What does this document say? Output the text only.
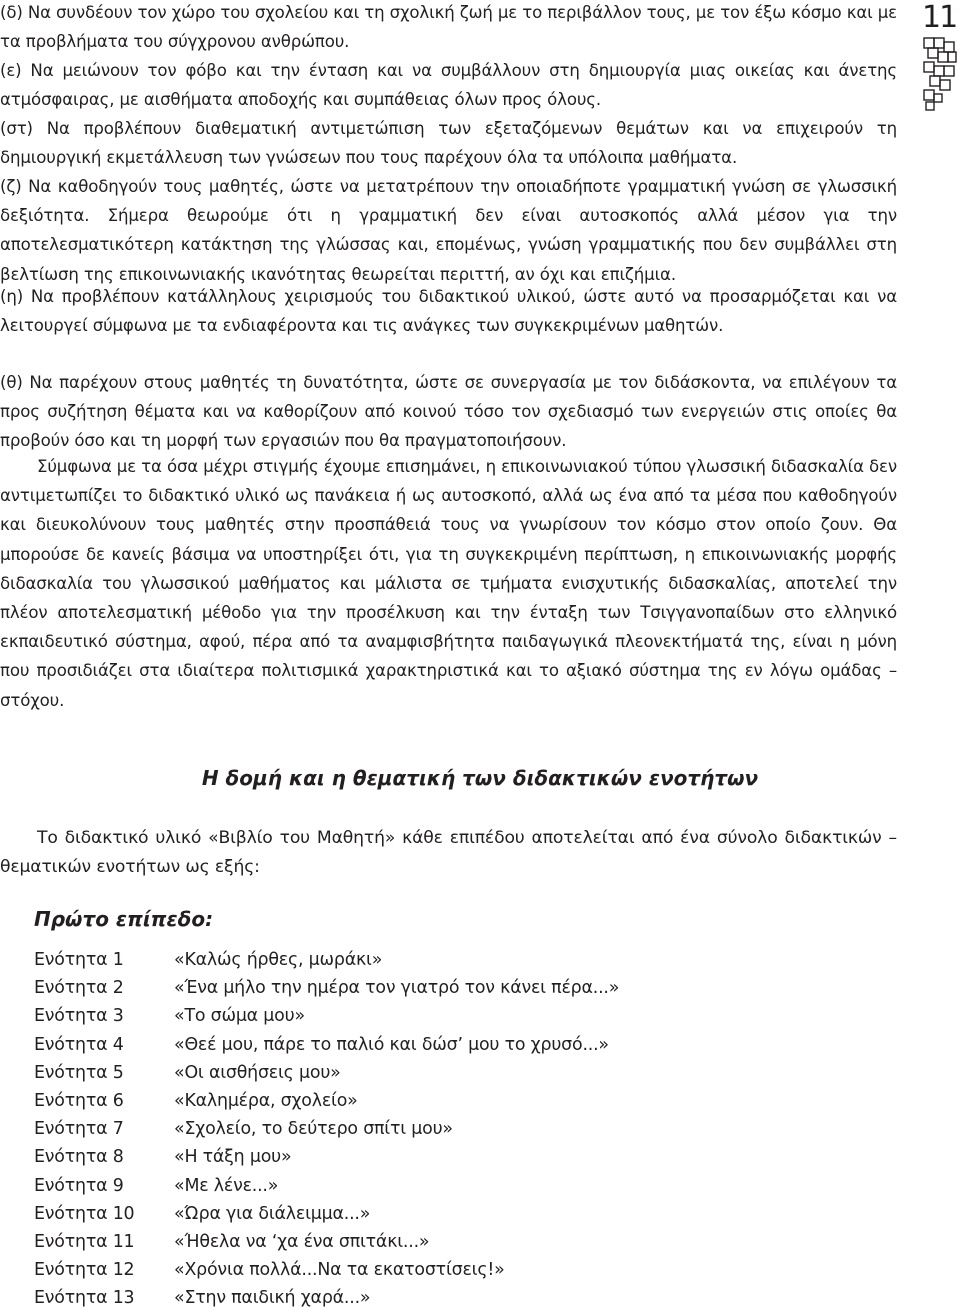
11

(δ) Να συνδέουν τον χώρο του σχολείου και τη σχολική ζωή με το περιβάλλον τους, με τον έξω κόσμο και με τα προβλήματα του σύγχρονου ανθρώπου.

(ε) Να μειώνουν τον φόβο και την ένταση και να συμβάλλουν στη δημιουργία μιας οικείας και άνετης ατμόσφαιρας, με αισθήματα αποδοχής και συμπάθειας όλων προς όλους.

(στ) Να προβλέπουν διαθεματική αντιμετώπιση των εξεταζόμενων θεμάτων και να επιχειρούν τη δημιουργική εκμετάλλευση των γνώσεων που τους παρέχουν όλα τα υπόλοιπα μαθήματα.

(ζ) Να καθοδηγούν τους μαθητές, ώστε να μετατρέπουν την οποιαδήποτε γραμματική γνώση σε γλωσσική δεξιότητα. Σήμερα θεωρούμε ότι η γραμματική δεν είναι αυτοσκοπός αλλά μέσον για την αποτελεσματικότερη κατάκτηση της γλώσσας και, επομένως, γνώση γραμματικής που δεν συμβάλλει στη βελτίωση της επικοινωνιακής ικανότητας θεωρείται περιττή, αν όχι και επιζήμια.

(η) Να προβλέπουν κατάλληλους χειρισμούς του διδακτικού υλικού, ώστε αυτό να προσαρμόζεται και να λειτουργεί σύμφωνα με τα ενδιαφέροντα και τις ανάγκες των συγκεκριμένων μαθητών.

(θ) Να παρέχουν στους μαθητές τη δυνατότητα, ώστε σε συνεργασία με τον διδάσκοντα, να επιλέγουν τα προς συζήτηση θέματα και να καθορίζουν από κοινού τόσο τον σχεδιασμό των ενεργειών στις οποίες θα προβούν όσο και τη μορφή των εργασιών που θα πραγματοποιήσουν.

Σύμφωνα με τα όσα μέχρι στιγμής έχουμε επισημάνει, η επικοινωνιακού τύπου γλωσσική διδασκαλία δεν αντιμετωπίζει το διδακτικό υλικό ως πανάκεια ή ως αυτοσκοπό, αλλά ως ένα από τα μέσα που καθοδηγούν και διευκολύνουν τους μαθητές στην προσπάθειά τους να γνωρίσουν τον κόσμο στον οποίο ζουν. Θα μπορούσε δε κανείς βάσιμα να υποστηρίξει ότι, για τη συγκεκριμένη περίπτωση, η επικοινωνιακής μορφής διδασκαλία του γλωσσικού μαθήματος και μάλιστα σε τμήματα ενισχυτικής διδασκαλίας, αποτελεί την πλέον αποτελεσματική μέθοδο για την προσέλκυση και την ένταξη των Τσιγγανοπαίδων στο ελληνικό εκπαιδευτικό σύστημα, αφού, πέρα από τα αναμφισβήτητα παιδαγωγικά πλεονεκτήματά της, είναι η μόνη που προσιδιάζει στα ιδιαίτερα πολιτισμικά χαρακτηριστικά και το αξιακό σύστημα της εν λόγω ομάδας – στόχου.

Η δομή και η θεματική των διδακτικών ενοτήτων

Το διδακτικό υλικό «Βιβλίο του Μαθητή» κάθε επιπέδου αποτελείται από ένα σύνολο διδακτικών – θεματικών ενοτήτων ως εξής:

Πρώτο επίπεδο:
Ενότητα 1	«Καλώς ήρθες, μωράκι»
Ενότητα 2	«Ένα μήλο την ημέρα τον γιατρό τον κάνει πέρα...»
Ενότητα 3	«Το σώμα μου»
Ενότητα 4	«Θεέ μου, πάρε το παλιό και δώσ’ μου το χρυσό...»
Ενότητα 5	«Οι αισθήσεις μου»
Ενότητα 6	«Καλημέρα, σχολείο»
Ενότητα 7	«Σχολείο, το δεύτερο σπίτι μου»
Ενότητα 8	«Η τάξη μου»
Ενότητα 9	«Με λένε...»
Ενότητα 10	«Ώρα για διάλειμμα...»
Ενότητα 11	«Ήθελα να ‘χα ένα σπιτάκι...»
Ενότητα 12	«Χρόνια πολλά...Να τα εκατοστίσεις!»
Ενότητα 13	«Στην παιδική χαρά...»
